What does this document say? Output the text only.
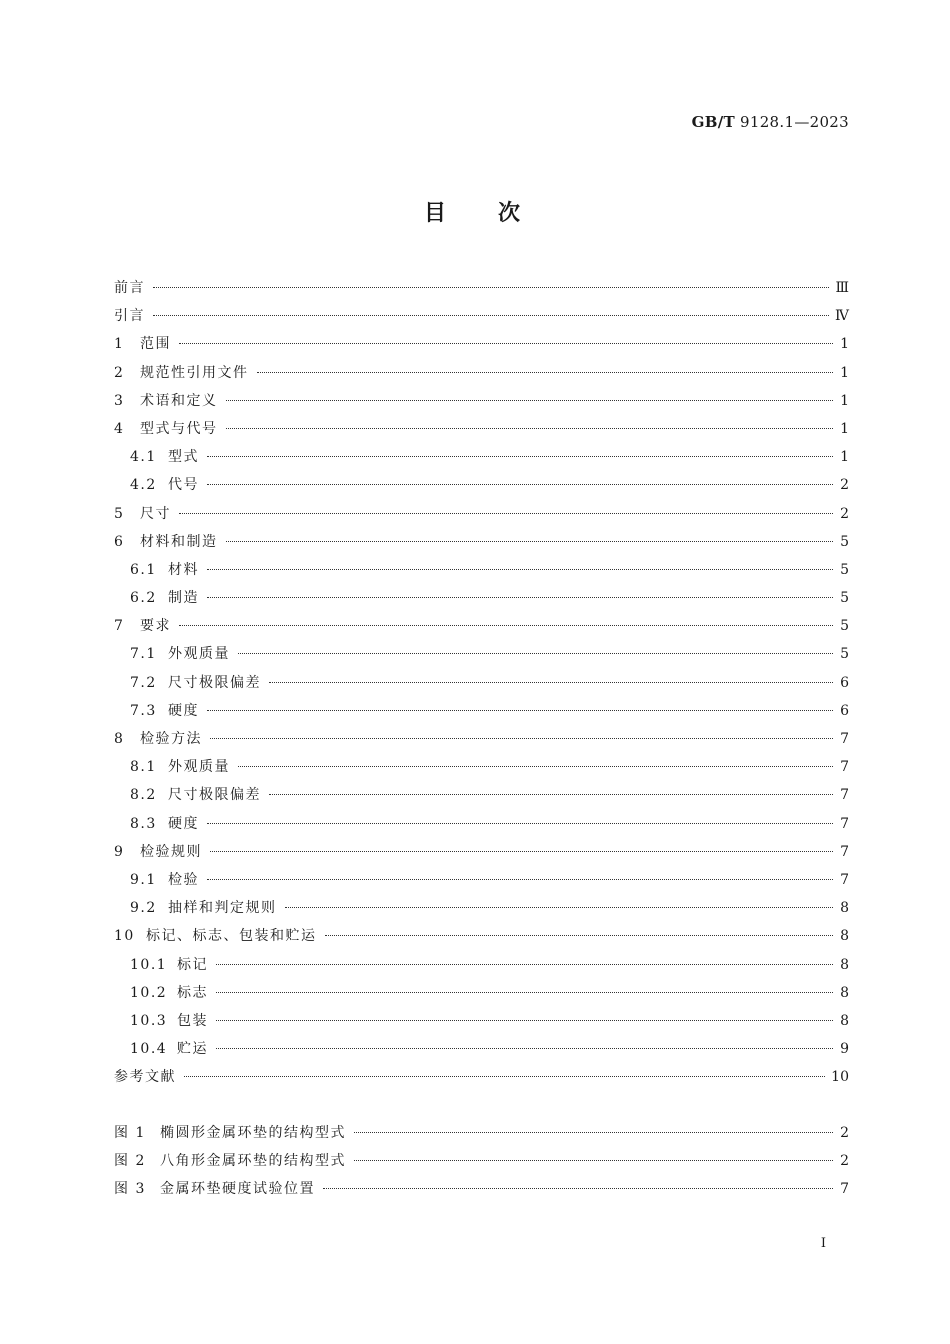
GB/T 9128.1—2023
目次
前言	Ⅲ
引言	Ⅳ
1	范围	1
2	规范性引用文件	1
3	术语和定义	1
4	型式与代号	1
4.1 型式	1
4.2 代号	2
5	尺寸	2
6	材料和制造	5
6.1 材料	5
6.2 制造	5
7	要求	5
7.1 外观质量	5
7.2 尺寸极限偏差	6
7.3 硬度	6
8	检验方法	7
8.1 外观质量	7
8.2 尺寸极限偏差	7
8.3 硬度	7
9	检验规则	7
9.1 检验	7
9.2 抽样和判定规则	8
10 标记、标志、包装和贮运	8
10.1 标记	8
10.2 标志	8
10.3 包装	8
10.4 贮运	9
参考文献	10
图 1	椭圆形金属环垫的结构型式	2
图 2	八角形金属环垫的结构型式	2
图 3	金属环垫硬度试验位置	7
I
